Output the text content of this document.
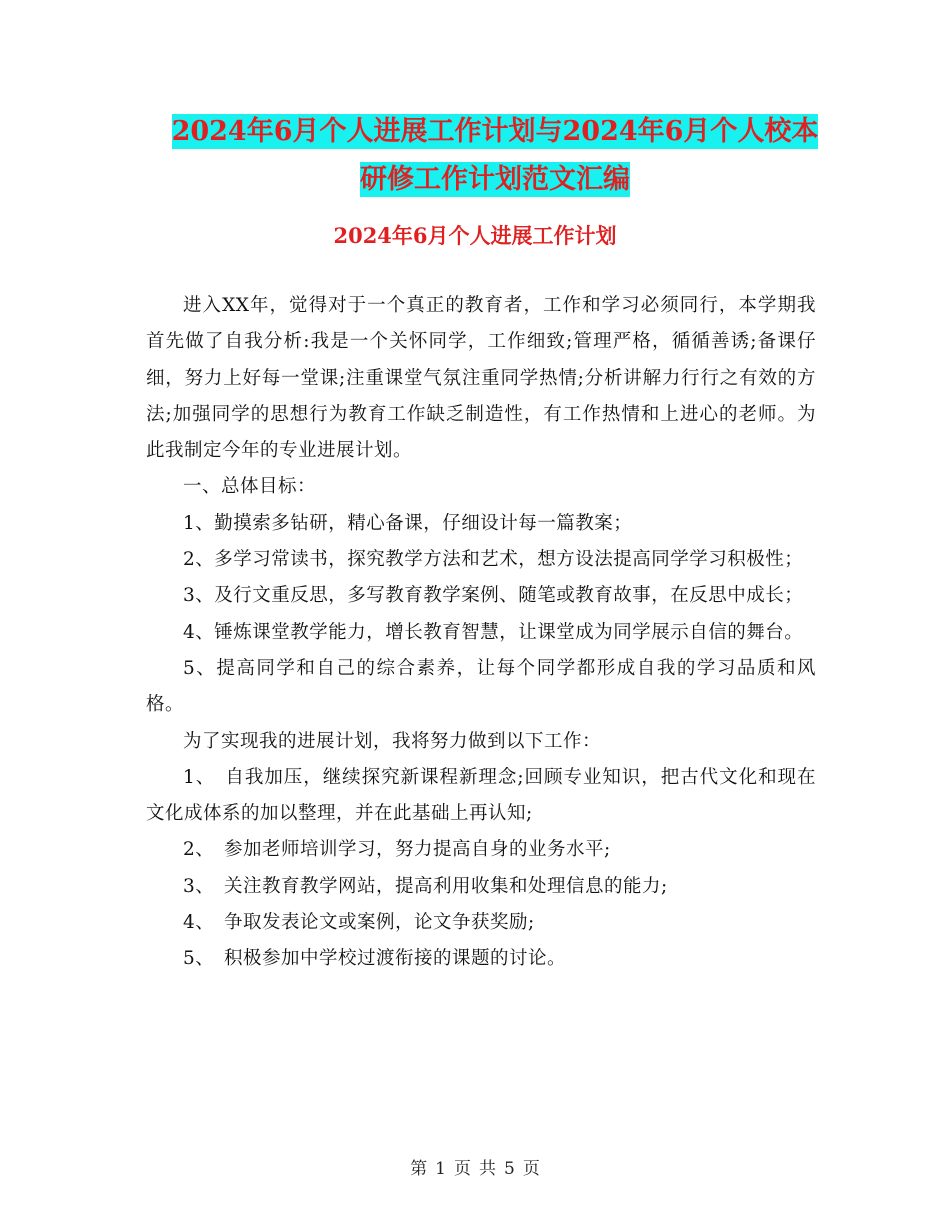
2024年6月个人进展工作计划与2024年6月个人校本
研修工作计划范文汇编
2024年6月个人进展工作计划

进入XX年，觉得对于一个真正的教育者，工作和学习必须同行，本学期我首先做了自我分析:我是一个关怀同学，工作细致;管理严格，循循善诱;备课仔细，努力上好每一堂课;注重课堂气氛注重同学热情;分析讲解力行行之有效的方法;加强同学的思想行为教育工作缺乏制造性，有工作热情和上进心的老师。为此我制定今年的专业进展计划。

一、总体目标：

1、勤摸索多钻研，精心备课，仔细设计每一篇教案；

2、多学习常读书，探究教学方法和艺术，想方设法提高同学学习积极性；

3、及行文重反思，多写教育教学案例、随笔或教育故事，在反思中成长；

4、锤炼课堂教学能力，增长教育智慧，让课堂成为同学展示自信的舞台。

5、提高同学和自己的综合素养，让每个同学都形成自我的学习品质和风格。

为了实现我的进展计划，我将努力做到以下工作：

1、　自我加压，继续探究新课程新理念;回顾专业知识，把古代文化和现在文化成体系的加以整理，并在此基础上再认知;

2、　参加老师培训学习，努力提高自身的业务水平;

3、　关注教育教学网站，提高利用收集和处理信息的能力;

4、　争取发表论文或案例，论文争获奖励;

5、　积极参加中学校过渡衔接的课题的讨论。

第 1 页 共 5 页
